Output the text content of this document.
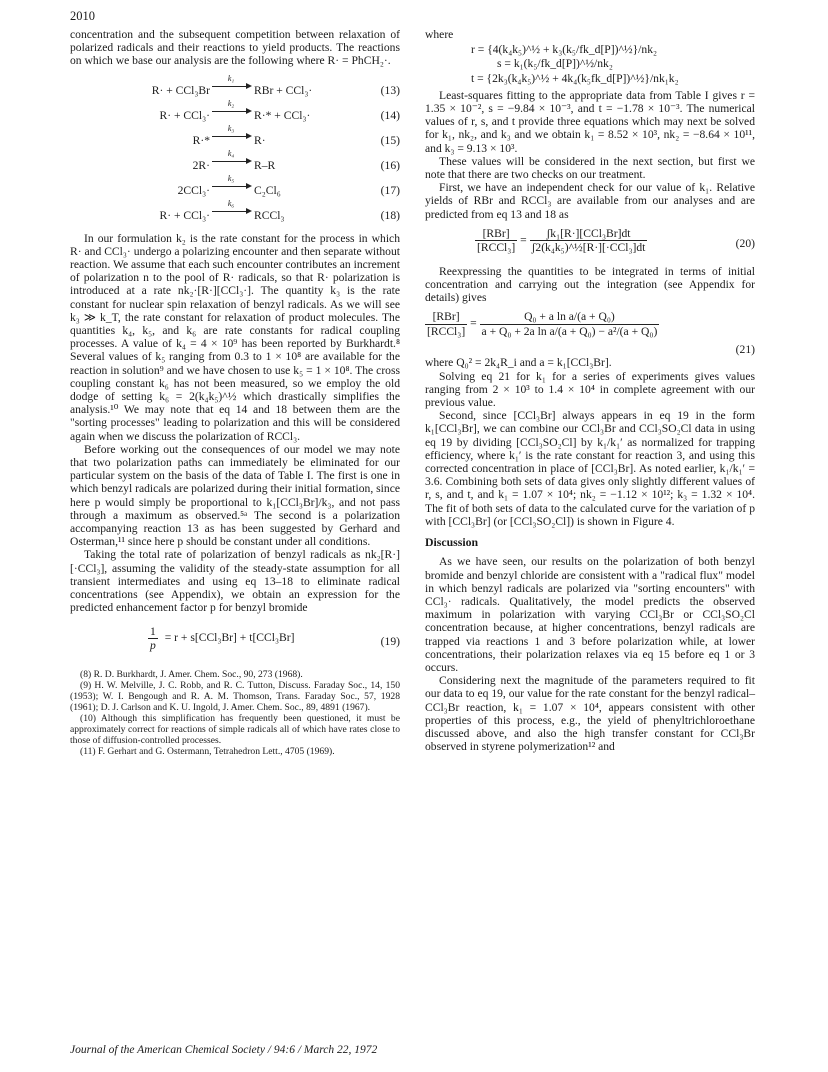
2010

concentration and the subsequent competition between relaxation of polarized radicals and their reactions to yield products. The reactions on which we base our analysis are the following where R· = PhCH₂·.

R· + CCl₃Br
k₁
RBr + CCl₃·	(13)
R· + CCl₃·
k₂
R·* + CCl₃·	(14)
R·*
k₃
R·	(15)
2R·
k₄
R–R	(16)
2CCl₃·
k₅
C₂Cl₆	(17)
R· + CCl₃·
k₆
RCCl₃	(18)

In our formulation k₂ is the rate constant for the process in which R· and CCl₃· undergo a polarizing encounter and then separate without reaction. We assume that each such encounter contributes an increment of polarization n to the pool of R· radicals, so that R· polarization is introduced at a rate nk₂·[R·][CCl₃·]. The quantity k₃ is the rate constant for nuclear spin relaxation of benzyl radicals. As we will see k₃ ≫ k_T, the rate constant for relaxation of product molecules. The quantities k₄, k₅, and k₆ are rate constants for radical coupling processes. A value of k₄ = 4 × 10⁹ has been reported by Burkhardt.⁸ Several values of k₅ ranging from 0.3 to 1 × 10⁸ are available for the reaction in solution⁹ and we have chosen to use k₅ = 1 × 10⁸. The cross coupling constant k₆ has not been measured, so we employ the old dodge of setting k₆ = 2(k₄k₅)^½ which drastically simplifies the analysis.¹⁰ We may note that eq 14 and 18 between them are the "sorting processes" leading to polarization and this will be considered again when we discuss the polarization of RCCl₃.

Before working out the consequences of our model we may note that two polarization paths can immediately be eliminated for our particular system on the basis of the data of Table I. The first is one in which benzyl radicals are polarized during their initial formation, since here p would simply be proportional to k₁[CCl₃Br]/k₃, and not pass through a maximum as observed.⁵ᵃ The second is a polarization accompanying reaction 13 as has been suggested by Gerhard and Osterman,¹¹ since here p should be constant under all conditions.

Taking the total rate of polarization of benzyl radicals as nk₂[R·][·CCl₃], assuming the validity of the steady-state assumption for all transient intermediates and using eq 13–18 to eliminate radical concentrations (see Appendix), we obtain an expression for the predicted enhancement factor p for benzyl bromide

$\frac{1}{p} = r + s[CCl_3Br] + t[CCl_3Br]$	(19)

(8) R. D. Burkhardt, J. Amer. Chem. Soc., 90, 273 (1968).

(9) H. W. Melville, J. C. Robb, and R. C. Tutton, Discuss. Faraday Soc., 14, 150 (1953); W. I. Bengough and R. A. M. Thomson, Trans. Faraday Soc., 57, 1928 (1961); D. J. Carlson and K. U. Ingold, J. Amer. Chem. Soc., 89, 4891 (1967).

(10) Although this simplification has frequently been questioned, it must be approximately correct for reactions of simple radicals all of which have rates close to those of diffusion-controlled processes.

(11) F. Gerhart and G. Ostermann, Tetrahedron Lett., 4705 (1969).

where

r = {4(k₄k₅)^½ + k₃(k₅/fk_d[P])^½}/nk₂
s = k₁(k₅/fk_d[P])^½/nk₂
t = {2k₃(k₄k₅)^½ + 4k₄(k₅fk_d[P])^½}/nk₁k₂

Least-squares fitting to the appropriate data from Table I gives r = 1.35 × 10⁻², s = −9.84 × 10⁻³, and t = −1.78 × 10⁻³. The numerical values of r, s, and t provide three equations which may next be solved for k₁, nk₂, and k₃ and we obtain k₁ = 8.52 × 10³, nk₂ = −8.64 × 10¹¹, and k₃ = 9.13 × 10³.

These values will be considered in the next section, but first we note that there are two checks on our treatment.

First, we have an independent check for our value of k₁. Relative yields of RBr and RCCl₃ are available from our analyses and are predicted from eq 13 and 18 as

$\frac{\text{[RBr]}}{\text{[RCCl₃]}} = \frac{\text{ʃk₁[R·][CCl₃Br]dt}}{\text{ʃ2(k₄k₅)\textasciicircum{}½[R·][·CCl₃]dt}}$	(20)

Reexpressing the quantities to be integrated in terms of initial concentration and carrying out the integration (see Appendix for details) gives

$\frac{\text{[RBr]}}{\text{[RCCl₃]}} = \frac{\text{Q₀ + a ln a/(a + Q₀)}}{\text{a + Q₀ + 2a ln a/(a + Q₀) − a²/(a + Q₀)}}$
(21)

where Q₀² = 2k₄R_i and a = k₁[CCl₃Br].

Solving eq 21 for k₁ for a series of experiments gives values ranging from 2 × 10³ to 1.4 × 10⁴ in complete agreement with our previous value.

Second, since [CCl₃Br] always appears in eq 19 in the form k₁[CCl₃Br], we can combine our CCl₃Br and CCl₃SO₂Cl data in using eq 19 by dividing [CCl₃SO₂Cl] by k₁/k₁′ as normalized for trapping efficiency, where k₁′ is the rate constant for reaction 3, and using this corrected concentration in place of [CCl₃Br]. As noted earlier, k₁/k₁′ = 3.6. Combining both sets of data gives only slightly different values of r, s, and t, and k₁ = 1.07 × 10⁴; nk₂ = −1.12 × 10¹²; k₃ = 1.32 × 10⁴. The fit of both sets of data to the calculated curve for the variation of p with [CCl₃Br] (or [CCl₃SO₂Cl]) is shown in Figure 4.

Discussion

As we have seen, our results on the polarization of both benzyl bromide and benzyl chloride are consistent with a "radical flux" model in which benzyl radicals are polarized via "sorting encounters" with CCl₃· radicals. Qualitatively, the model predicts the observed maximum in polarization with varying CCl₃Br or CCl₃SO₂Cl concentration because, at higher concentrations, benzyl radicals are trapped via reactions 1 and 3 before polarization while, at lower concentrations, their polarization relaxes via eq 15 before eq 1 or 3 occurs.

Considering next the magnitude of the parameters required to fit our data to eq 19, our value for the rate constant for the benzyl radical–CCl₃Br reaction, k₁ = 1.07 × 10⁴, appears consistent with other properties of this process, e.g., the yield of phenyltrichloroethane discussed above, and also the high transfer constant for CCl₃Br observed in styrene polymerization¹² and

Journal of the American Chemical Society / 94:6 / March 22, 1972
